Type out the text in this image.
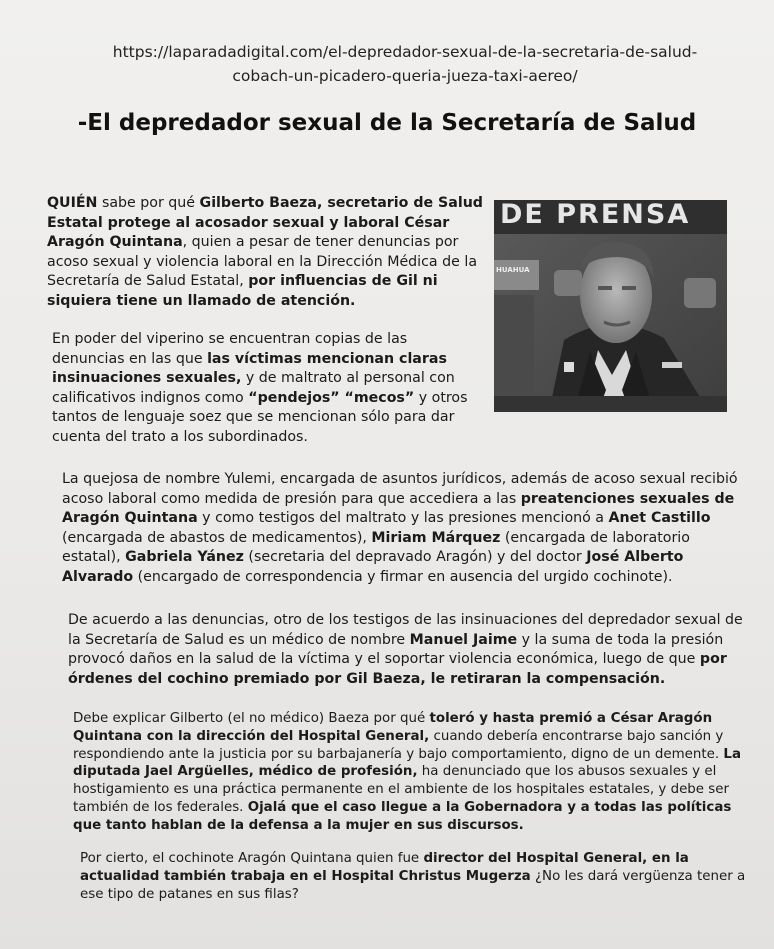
https://laparadadigital.com/el-depredador-sexual-de-la-secretaria-de-salud-
cobach-un-picadero-queria-jueza-taxi-aereo/
-El depredador sexual de la Secretaría de Salud
QUIÉN sabe por qué Gilberto Baeza, secretario de Salud Estatal protege al acosador sexual y laboral César Aragón Quintana, quien a pesar de tener denuncias por acoso sexual y violencia laboral en la Dirección Médica de la Secretaría de Salud Estatal, por influencias de Gil ni siquiera tiene un llamado de atención.
DE PRENSA
HUAHUA
En poder del viperino se encuentran copias de las denuncias en las que las víctimas mencionan claras insinuaciones sexuales, y de maltrato al personal con calificativos indignos como “pendejos” “mecos” y otros tantos de lenguaje soez que se mencionan sólo para dar cuenta del trato a los subordinados.
La quejosa de nombre Yulemi, encargada de asuntos jurídicos, además de acoso sexual recibió acoso laboral como medida de presión para que accediera a las preatenciones sexuales de Aragón Quintana y como testigos del maltrato y las presiones mencionó a Anet Castillo (encargada de abastos de medicamentos), Miriam Márquez (encargada de laboratorio estatal), Gabriela Yánez (secretaria del depravado Aragón) y del doctor José Alberto Alvarado (encargado de correspondencia y firmar en ausencia del urgido cochinote).
De acuerdo a las denuncias, otro de los testigos de las insinuaciones del depredador sexual de la Secretaría de Salud es un médico de nombre Manuel Jaime y la suma de toda la presión provocó daños en la salud de la víctima y el soportar violencia económica, luego de que por órdenes del cochino premiado por Gil Baeza, le retiraran la compensación.
Debe explicar Gilberto (el no médico) Baeza por qué toleró y hasta premió a César Aragón Quintana con la dirección del Hospital General, cuando debería encontrarse bajo sanción y respondiendo ante la justicia por su barbajanería y bajo comportamiento, digno de un demente. La diputada Jael Argüelles, médico de profesión, ha denunciado que los abusos sexuales y el hostigamiento es una práctica permanente en el ambiente de los hospitales estatales, y debe ser también de los federales. Ojalá que el caso llegue a la Gobernadora y a todas las políticas que tanto hablan de la defensa a la mujer en sus discursos.
Por cierto, el cochinote Aragón Quintana quien fue director del Hospital General, en la actualidad también trabaja en el Hospital Christus Mugerza ¿No les dará vergüenza tener a ese tipo de patanes en sus filas?
